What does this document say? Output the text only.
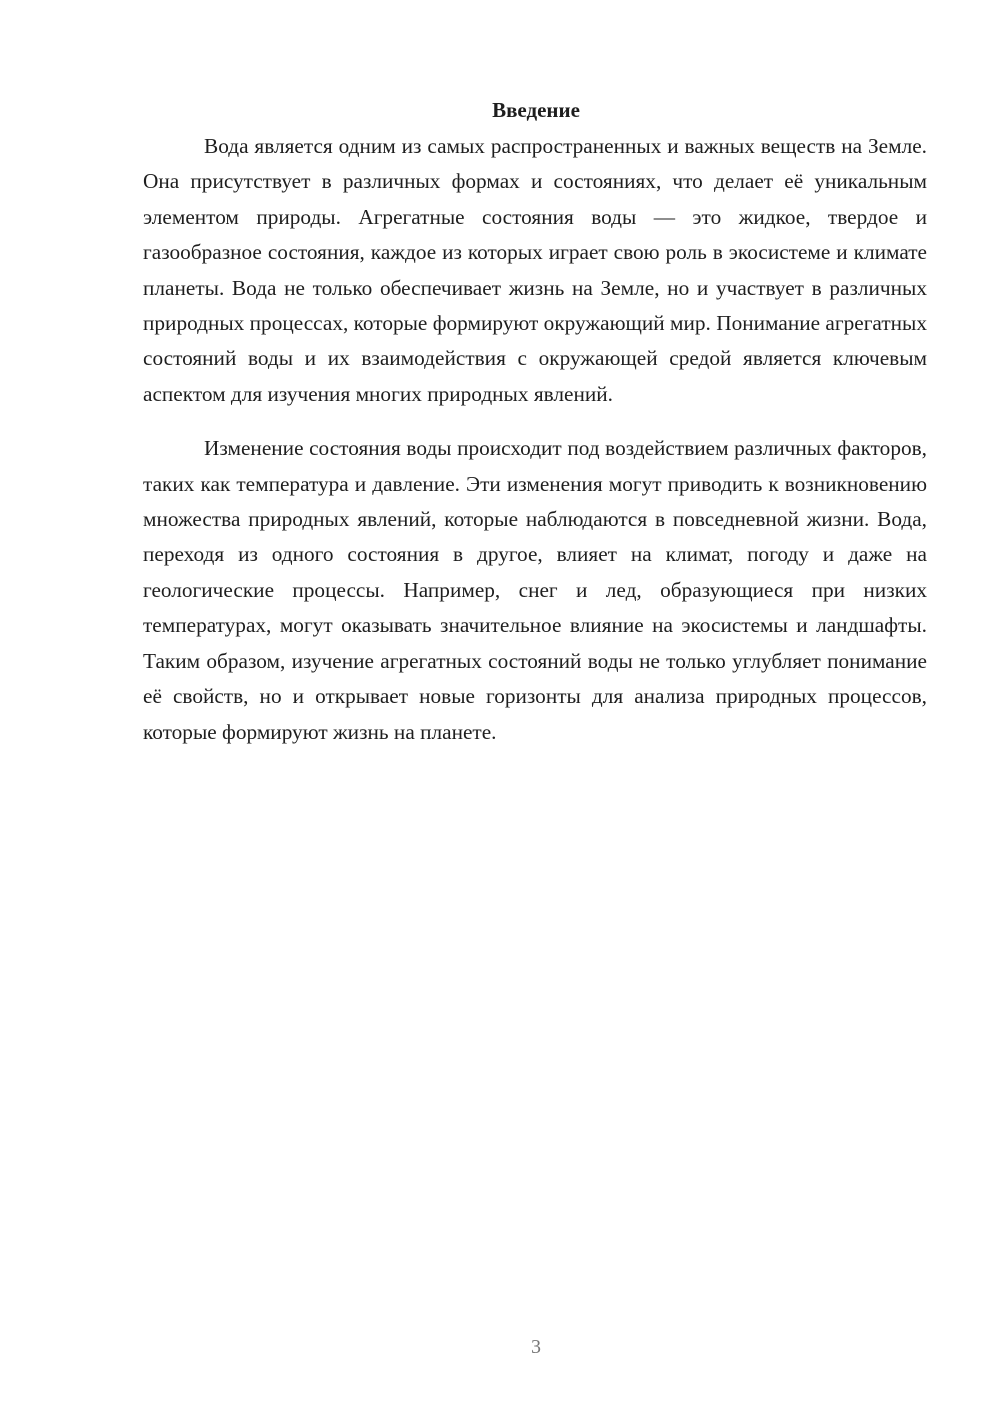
Введение

Вода является одним из самых распространенных и важных веществ на Земле. Она присутствует в различных формах и состояниях, что делает её уникальным элементом природы. Агрегатные состояния воды — это жидкое, твердое и газообразное состояния, каждое из которых играет свою роль в экосистеме и климате планеты. Вода не только обеспечивает жизнь на Земле, но и участвует в различных природных процессах, которые формируют окружающий мир. Понимание агрегатных состояний воды и их взаимодействия с окружающей средой является ключевым аспектом для изучения многих природных явлений.

Изменение состояния воды происходит под воздействием различных факторов, таких как температура и давление. Эти изменения могут приводить к возникновению множества природных явлений, которые наблюдаются в повседневной жизни. Вода, переходя из одного состояния в другое, влияет на климат, погоду и даже на геологические процессы. Например, снег и лед, образующиеся при низких температурах, могут оказывать значительное влияние на экосистемы и ландшафты. Таким образом, изучение агрегатных состояний воды не только углубляет понимание её свойств, но и открывает новые горизонты для анализа природных процессов, которые формируют жизнь на планете.

3
